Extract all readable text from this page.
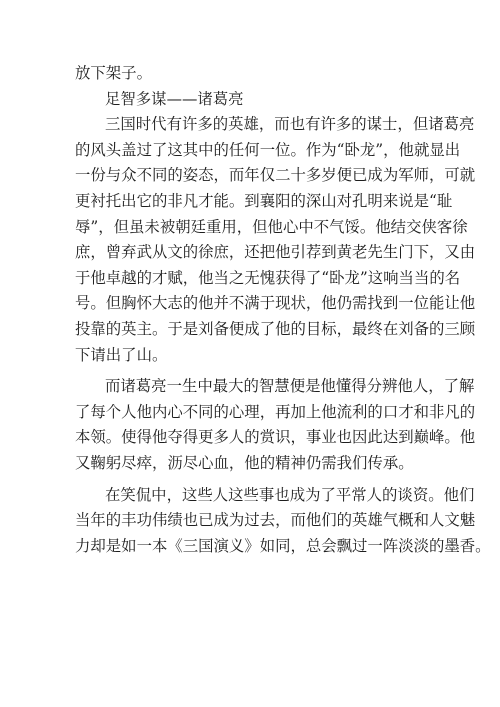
放下架子。
足智多谋——诸葛亮
三国时代有许多的英雄，而也有许多的谋士，但诸葛亮
的风头盖过了这其中的任何一位。作为“卧龙”，他就显出
一份与众不同的姿态，而年仅二十多岁便已成为军师，可就
更衬托出它的非凡才能。到襄阳的深山对孔明来说是“耻
辱”，但虽未被朝廷重用，但他心中不气馁。他结交侠客徐
庶，曾弃武从文的徐庶，还把他引荐到黄老先生门下，又由
于他卓越的才赋，他当之无愧获得了“卧龙”这响当当的名
号。但胸怀大志的他并不满于现状，他仍需找到一位能让他
投靠的英主。于是刘备便成了他的目标，最终在刘备的三顾
下请出了山。
而诸葛亮一生中最大的智慧便是他懂得分辨他人，了解
了每个人他内心不同的心理，再加上他流利的口才和非凡的
本领。使得他夺得更多人的赏识，事业也因此达到巅峰。他
又鞠躬尽瘁，沥尽心血，他的精神仍需我们传承。
在笑侃中，这些人这些事也成为了平常人的谈资。他们
当年的丰功伟绩也已成为过去，而他们的英雄气概和人文魅
力却是如一本《三国演义》如同，总会飘过一阵淡淡的墨香。
